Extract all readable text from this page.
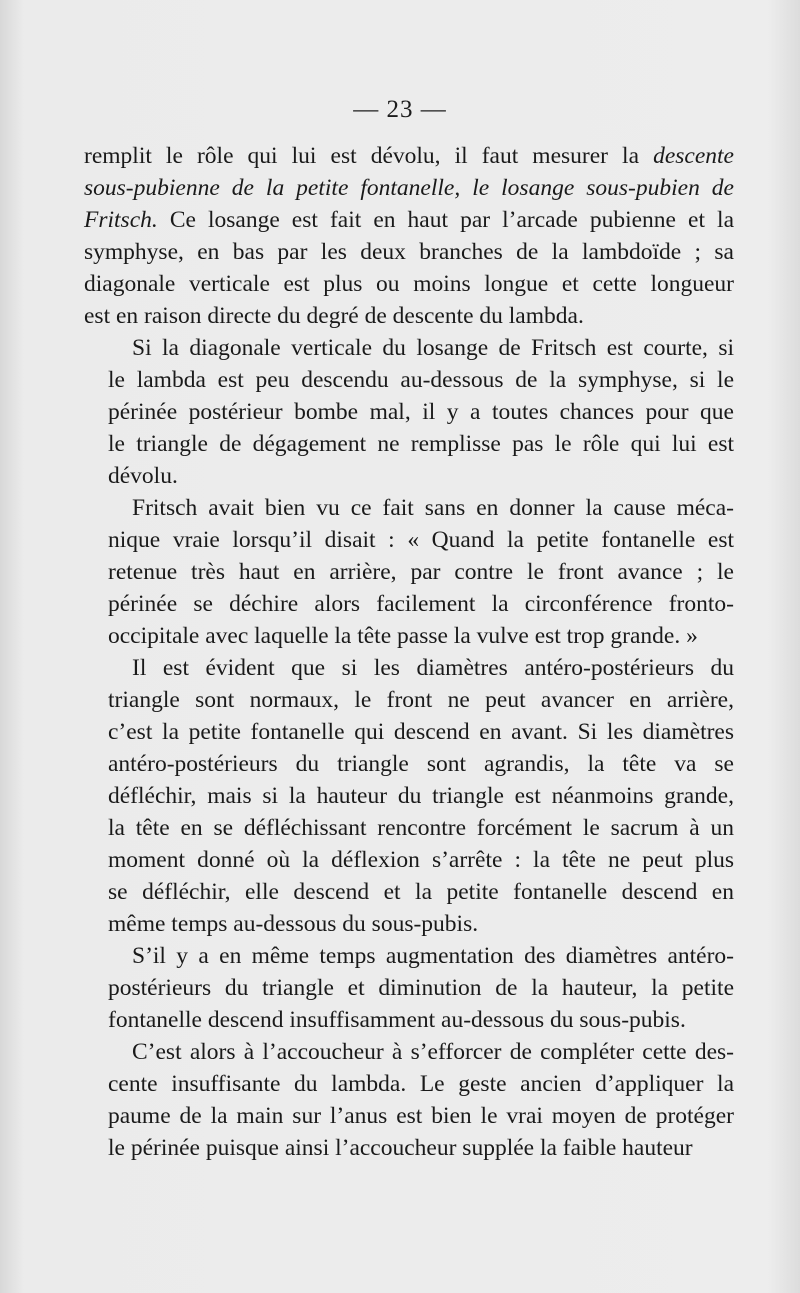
— 23 —
remplit le rôle qui lui est dévolu, il faut mesurer la descente
sous-pubienne de la petite fontanelle, le losange sous-pubien de
Fritsch. Ce losange est fait en haut par l’arcade pubienne et la
symphyse, en bas par les deux branches de la lambdoïde ; sa
diagonale verticale est plus ou moins longue et cette longueur
est en raison directe du degré de descente du lambda.
Si la diagonale verticale du losange de Fritsch est courte, si
le lambda est peu descendu au-dessous de la symphyse, si le
périnée postérieur bombe mal, il y a toutes chances pour que
le triangle de dégagement ne remplisse pas le rôle qui lui est
dévolu.
Fritsch avait bien vu ce fait sans en donner la cause méca-
nique vraie lorsqu’il disait : « Quand la petite fontanelle est
retenue très haut en arrière, par contre le front avance ; le
périnée se déchire alors facilement la circonférence fronto-
occipitale avec laquelle la tête passe la vulve est trop grande. »
Il est évident que si les diamètres antéro-postérieurs du
triangle sont normaux, le front ne peut avancer en arrière,
c’est la petite fontanelle qui descend en avant. Si les diamètres
antéro-postérieurs du triangle sont agrandis, la tête va se
défléchir, mais si la hauteur du triangle est néanmoins grande,
la tête en se défléchissant rencontre forcément le sacrum à un
moment donné où la déflexion s’arrête : la tête ne peut plus
se défléchir, elle descend et la petite fontanelle descend en
même temps au-dessous du sous-pubis.
S’il y a en même temps augmentation des diamètres antéro-
postérieurs du triangle et diminution de la hauteur, la petite
fontanelle descend insuffisamment au-dessous du sous-pubis.
C’est alors à l’accoucheur à s’efforcer de compléter cette des-
cente insuffisante du lambda. Le geste ancien d’appliquer la
paume de la main sur l’anus est bien le vrai moyen de protéger
le périnée puisque ainsi l’accoucheur supplée la faible hauteur
